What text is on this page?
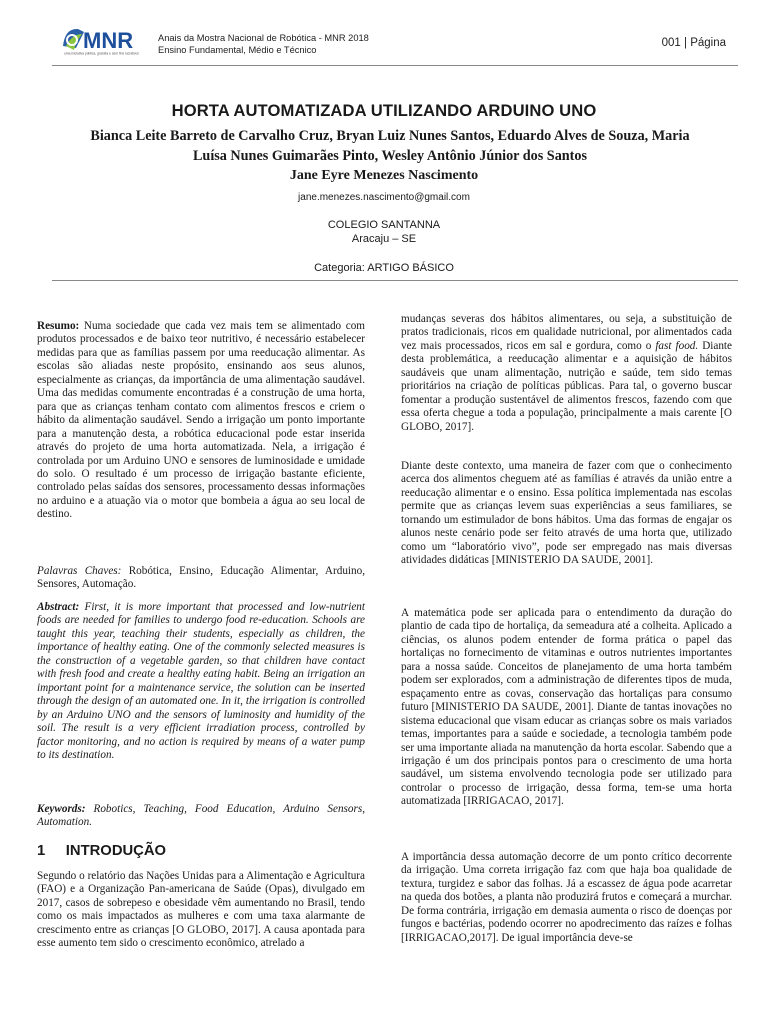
MNR
uma iniciativa pública, gratuita e sem fins lucrativos
Anais da Mostra Nacional de Robótica - MNR 2018
Ensino Fundamental, Médio e Técnico
001 | Página
HORTA AUTOMATIZADA UTILIZANDO ARDUINO UNO
Bianca Leite Barreto de Carvalho Cruz, Bryan Luiz Nunes Santos, Eduardo Alves de Souza, Maria
Luísa Nunes Guimarães Pinto, Wesley Antônio Júnior dos Santos
Jane Eyre Menezes Nascimento
jane.menezes.nascimento@gmail.com
COLEGIO SANTANNA
Aracaju – SE
Categoria: ARTIGO BÁSICO

Resumo: Numa sociedade que cada vez mais tem se alimentado com produtos processados e de baixo teor nutritivo, é necessário estabelecer medidas para que as famílias passem por uma reeducação alimentar. As escolas são aliadas neste propósito, ensinando aos seus alunos, especialmente as crianças, da importância de uma alimentação saudável. Uma das medidas comumente encontradas é a construção de uma horta, para que as crianças tenham contato com alimentos frescos e criem o hábito da alimentação saudável. Sendo a irrigação um ponto importante para a manutenção desta, a robótica educacional pode estar inserida através do projeto de uma horta automatizada. Nela, a irrigação é controlada por um Arduino UNO e sensores de luminosidade e umidade do solo. O resultado é um processo de irrigação bastante eficiente, controlado pelas saídas dos sensores, processamento dessas informações no arduino e a atuação via o motor que bombeia a água ao seu local de destino.

Palavras Chaves: Robótica, Ensino, Educação Alimentar, Arduino, Sensores, Automação.

Abstract: First, it is more important that processed and low-nutrient foods are needed for families to undergo food re-education. Schools are taught this year, teaching their students, especially as children, the importance of healthy eating. One of the commonly selected measures is the construction of a vegetable garden, so that children have contact with fresh food and create a healthy eating habit. Being an irrigation an important point for a maintenance service, the solution can be inserted through the design of an automated one. In it, the irrigation is controlled by an Arduino UNO and the sensors of luminosity and humidity of the soil. The result is a very efficient irradiation process, controlled by factor monitoring, and no action is required by means of a water pump to its destination.

Keywords: Robotics, Teaching, Food Education, Arduino Sensors, Automation.

1     INTRODUÇÃO

Segundo o relatório das Nações Unidas para a Alimentação e Agricultura (FAO) e a Organização Pan-americana de Saúde (Opas), divulgado em 2017, casos de sobrepeso e obesidade vêm aumentando no Brasil, tendo como os mais impactados as mulheres e com uma taxa alarmante de crescimento entre as crianças [O GLOBO, 2017]. A causa apontada para esse aumento tem sido o crescimento econômico, atrelado a

mudanças severas dos hábitos alimentares, ou seja, a substituição de pratos tradicionais, ricos em qualidade nutricional, por alimentados cada vez mais processados, ricos em sal e gordura, como o fast food. Diante desta problemática, a reeducação alimentar e a aquisição de hábitos saudáveis que unam alimentação, nutrição e saúde, tem sido temas prioritários na criação de políticas públicas. Para tal, o governo buscar fomentar a produção sustentável de alimentos frescos, fazendo com que essa oferta chegue a toda a população, principalmente a mais carente [O GLOBO, 2017].

Diante deste contexto, uma maneira de fazer com que o conhecimento acerca dos alimentos cheguem até as famílias é através da união entre a reeducação alimentar e o ensino. Essa política implementada nas escolas permite que as crianças levem suas experiências a seus familiares, se tornando um estimulador de bons hábitos. Uma das formas de engajar os alunos neste cenário pode ser feito através de uma horta que, utilizado como um “laboratório vivo”, pode ser empregado nas mais diversas atividades didáticas [MINISTERIO DA SAUDE, 2001].

A matemática pode ser aplicada para o entendimento da duração do plantio de cada tipo de hortaliça, da semeadura até a colheita. Aplicado a ciências, os alunos podem entender de forma prática o papel das hortaliças no fornecimento de vitaminas e outros nutrientes importantes para a nossa saúde. Conceitos de planejamento de uma horta também podem ser explorados, com a administração de diferentes tipos de muda, espaçamento entre as covas, conservação das hortaliças para consumo futuro [MINISTERIO DA SAUDE, 2001]. Diante de tantas inovações no sistema educacional que visam educar as crianças sobre os mais variados temas, importantes para a saúde e sociedade, a tecnologia também pode ser uma importante aliada na manutenção da horta escolar. Sabendo que a irrigação é um dos principais pontos para o crescimento de uma horta saudável, um sistema envolvendo tecnologia pode ser utilizado para controlar o processo de irrigação, dessa forma, tem-se uma horta automatizada [IRRIGACAO, 2017].

A importância dessa automação decorre de um ponto crítico decorrente da irrigação. Uma correta irrigação faz com que haja boa qualidade de textura, turgidez e sabor das folhas. Já a escassez de água pode acarretar na queda dos botões, a planta não produzirá frutos e começará a murchar. De forma contrária, irrigação em demasia aumenta o risco de doenças por fungos e bactérias, podendo ocorrer no apodrecimento das raízes e folhas [IRRIGACAO,2017]. De igual importância deve-se
